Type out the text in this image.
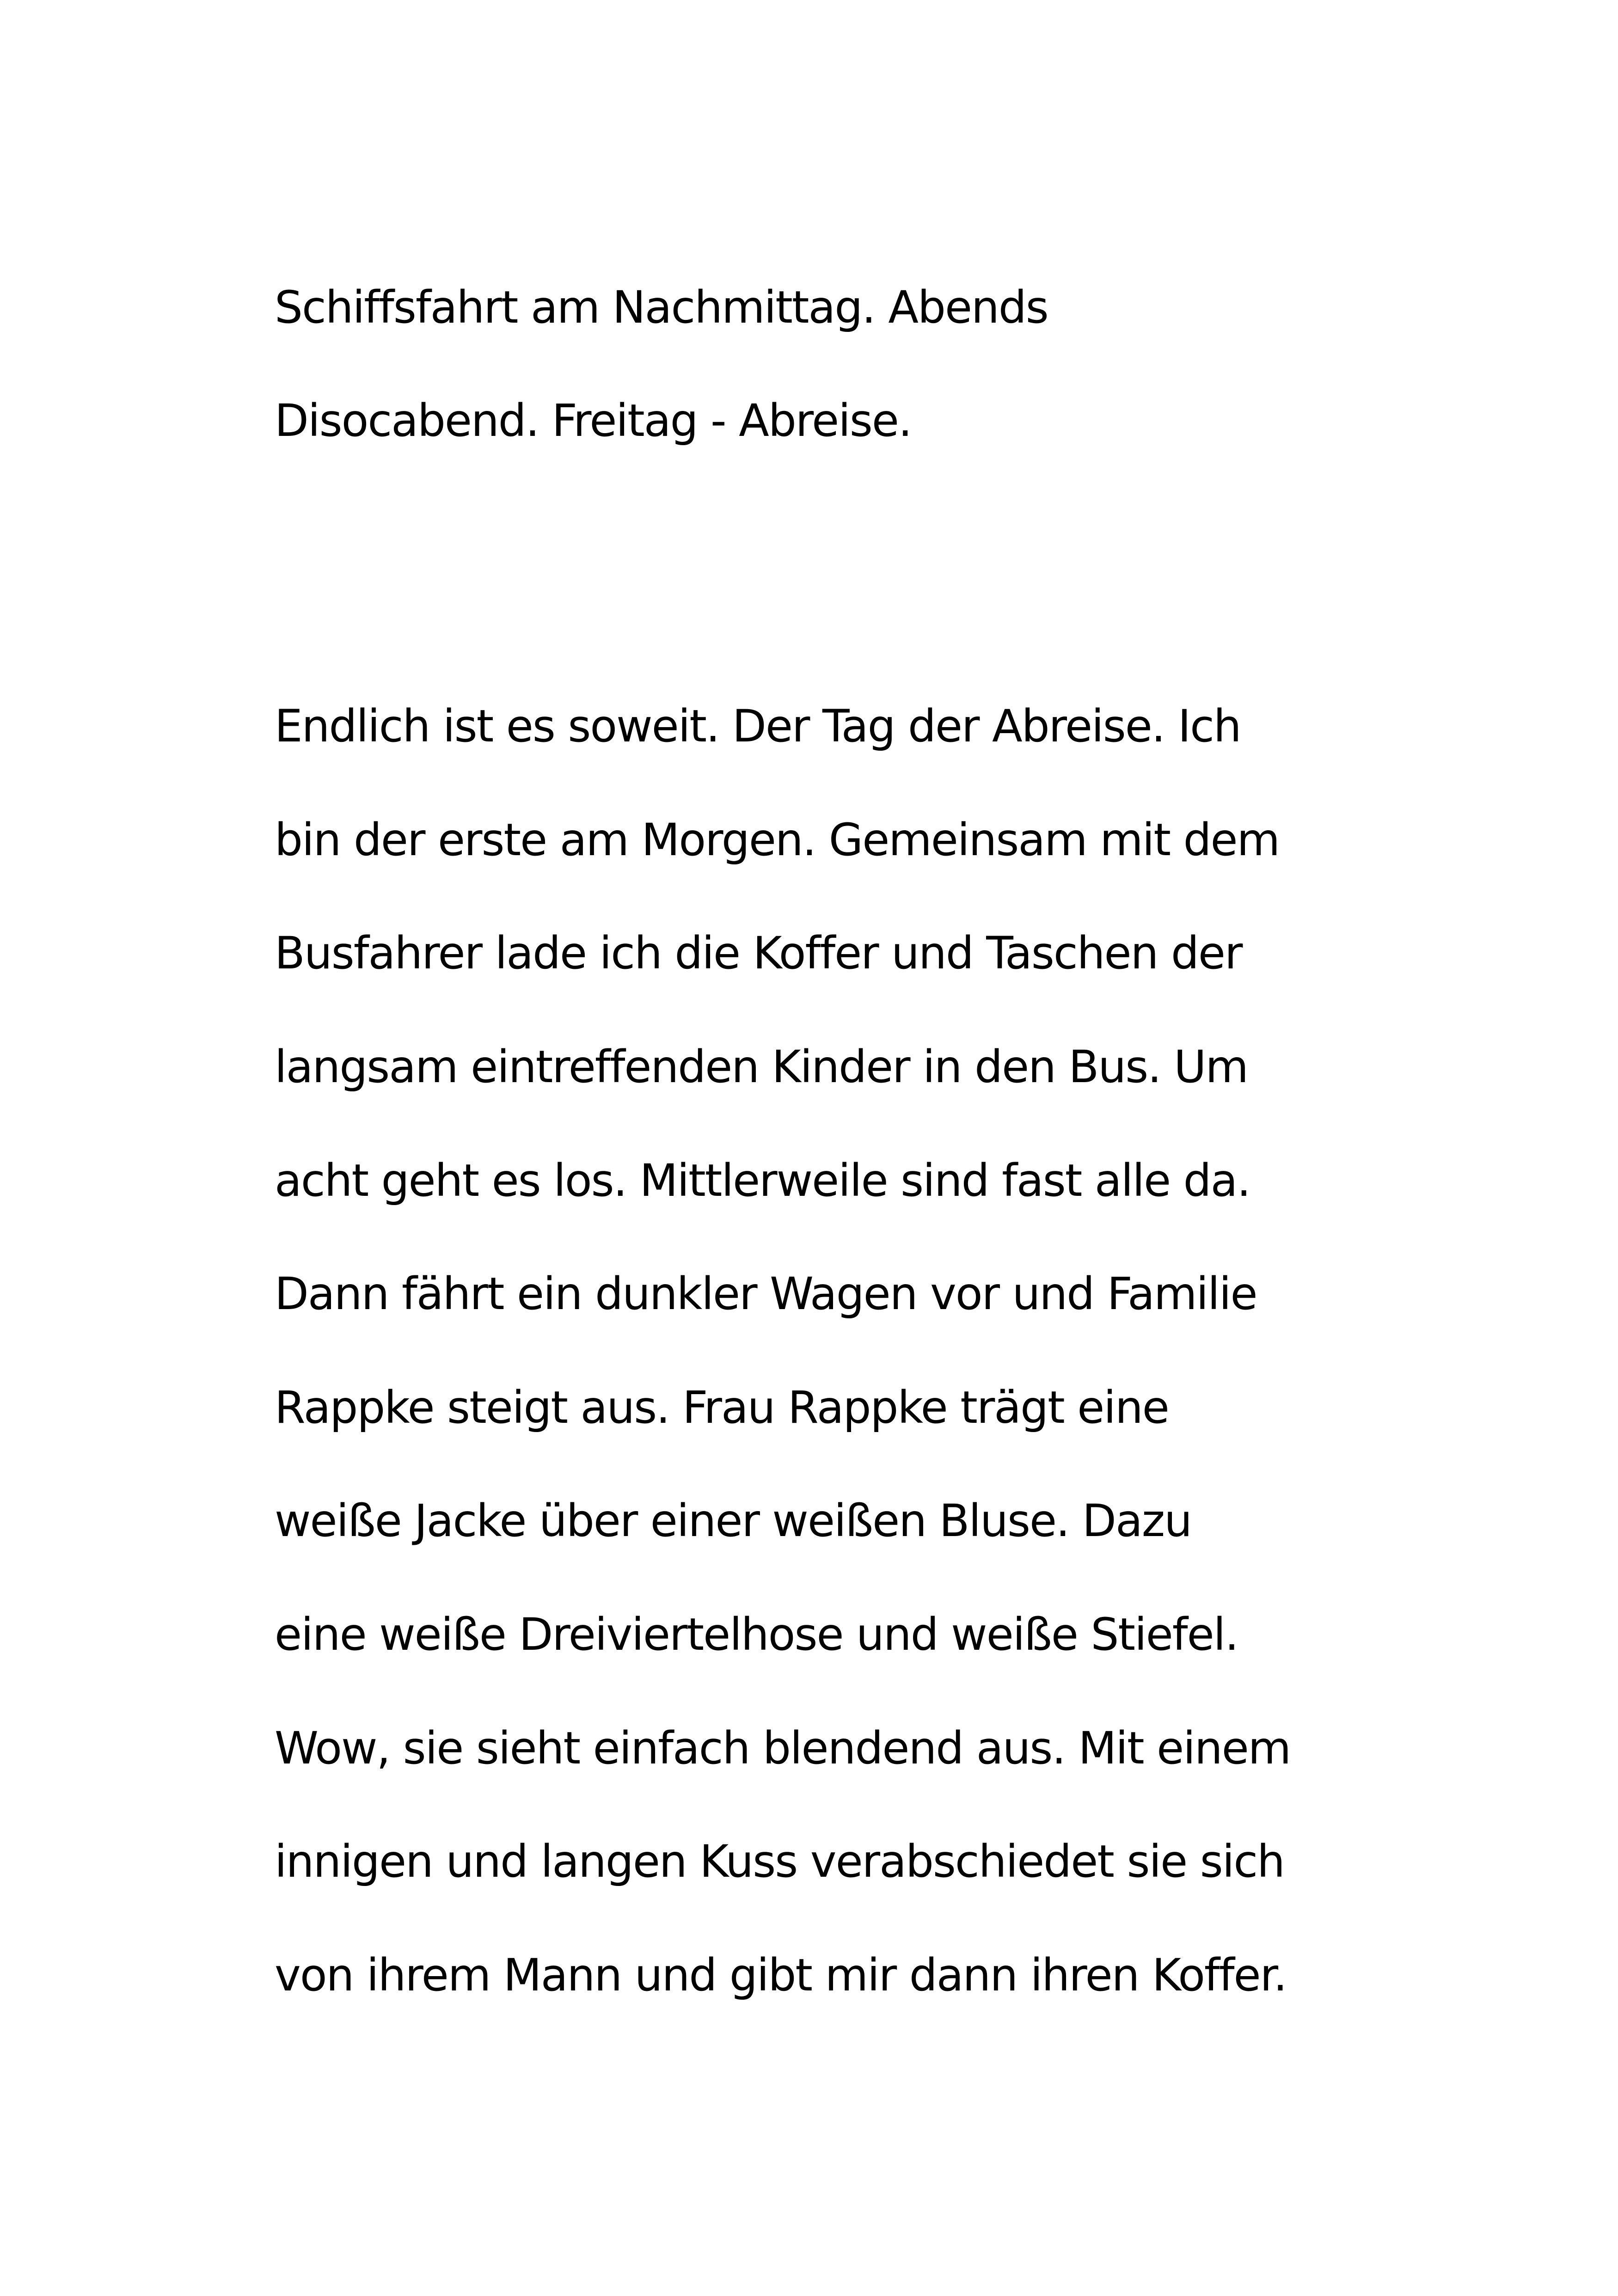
Schiffsfahrt am Nachmittag. Abends

Disocabend. Freitag - Abreise.

Endlich ist es soweit. Der Tag der Abreise. Ich

bin der erste am Morgen. Gemeinsam mit dem

Busfahrer lade ich die Koffer und Taschen der

langsam eintreffenden Kinder in den Bus. Um

acht geht es los. Mittlerweile sind fast alle da.

Dann fährt ein dunkler Wagen vor und Familie

Rappke steigt aus. Frau Rappke trägt eine

weiße Jacke über einer weißen Bluse. Dazu

eine weiße Dreiviertelhose und weiße Stiefel.

Wow, sie sieht einfach blendend aus. Mit einem

innigen und langen Kuss verabschiedet sie sich

von ihrem Mann und gibt mir dann ihren Koffer.
